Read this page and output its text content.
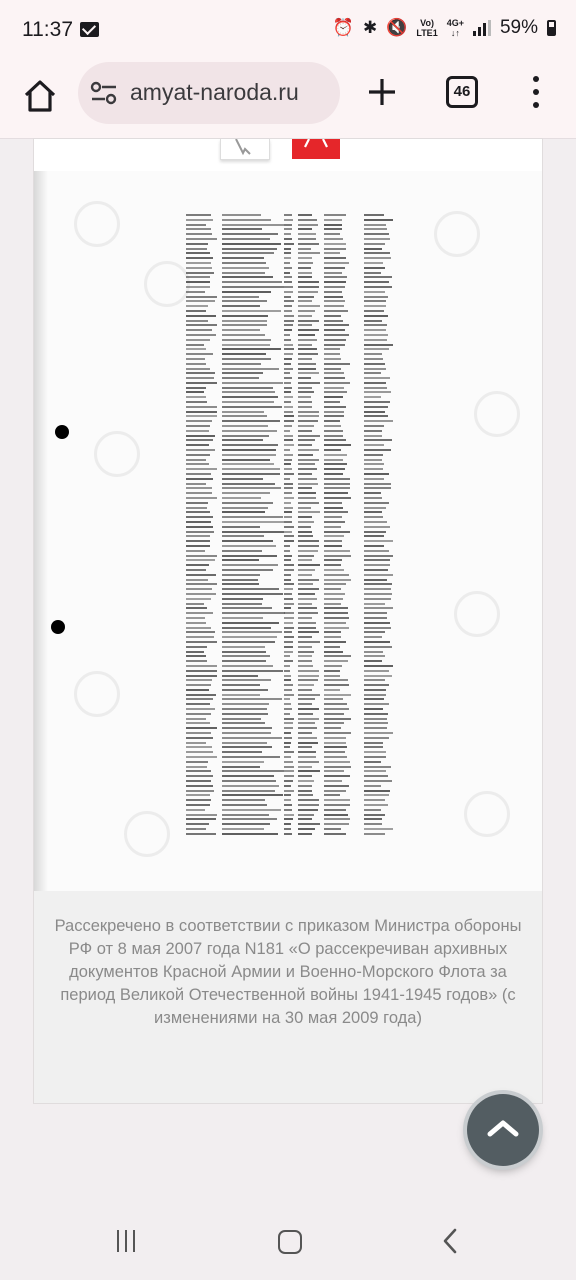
11:37	⏰ ✱ 🔇	Vo)
LTE1
4G+
↓↑ 59%
amyat-naroda.ru	46
Рассекречено в соответствии с приказом Министра обороны РФ от 8 мая 2007 года N181 «О рассекречиван архивных документов Красной Армии и Военно-Морского Флота за период Великой Отечественной войны 1941-1945 годов» (с изменениями на 30 мая 2009 года)
